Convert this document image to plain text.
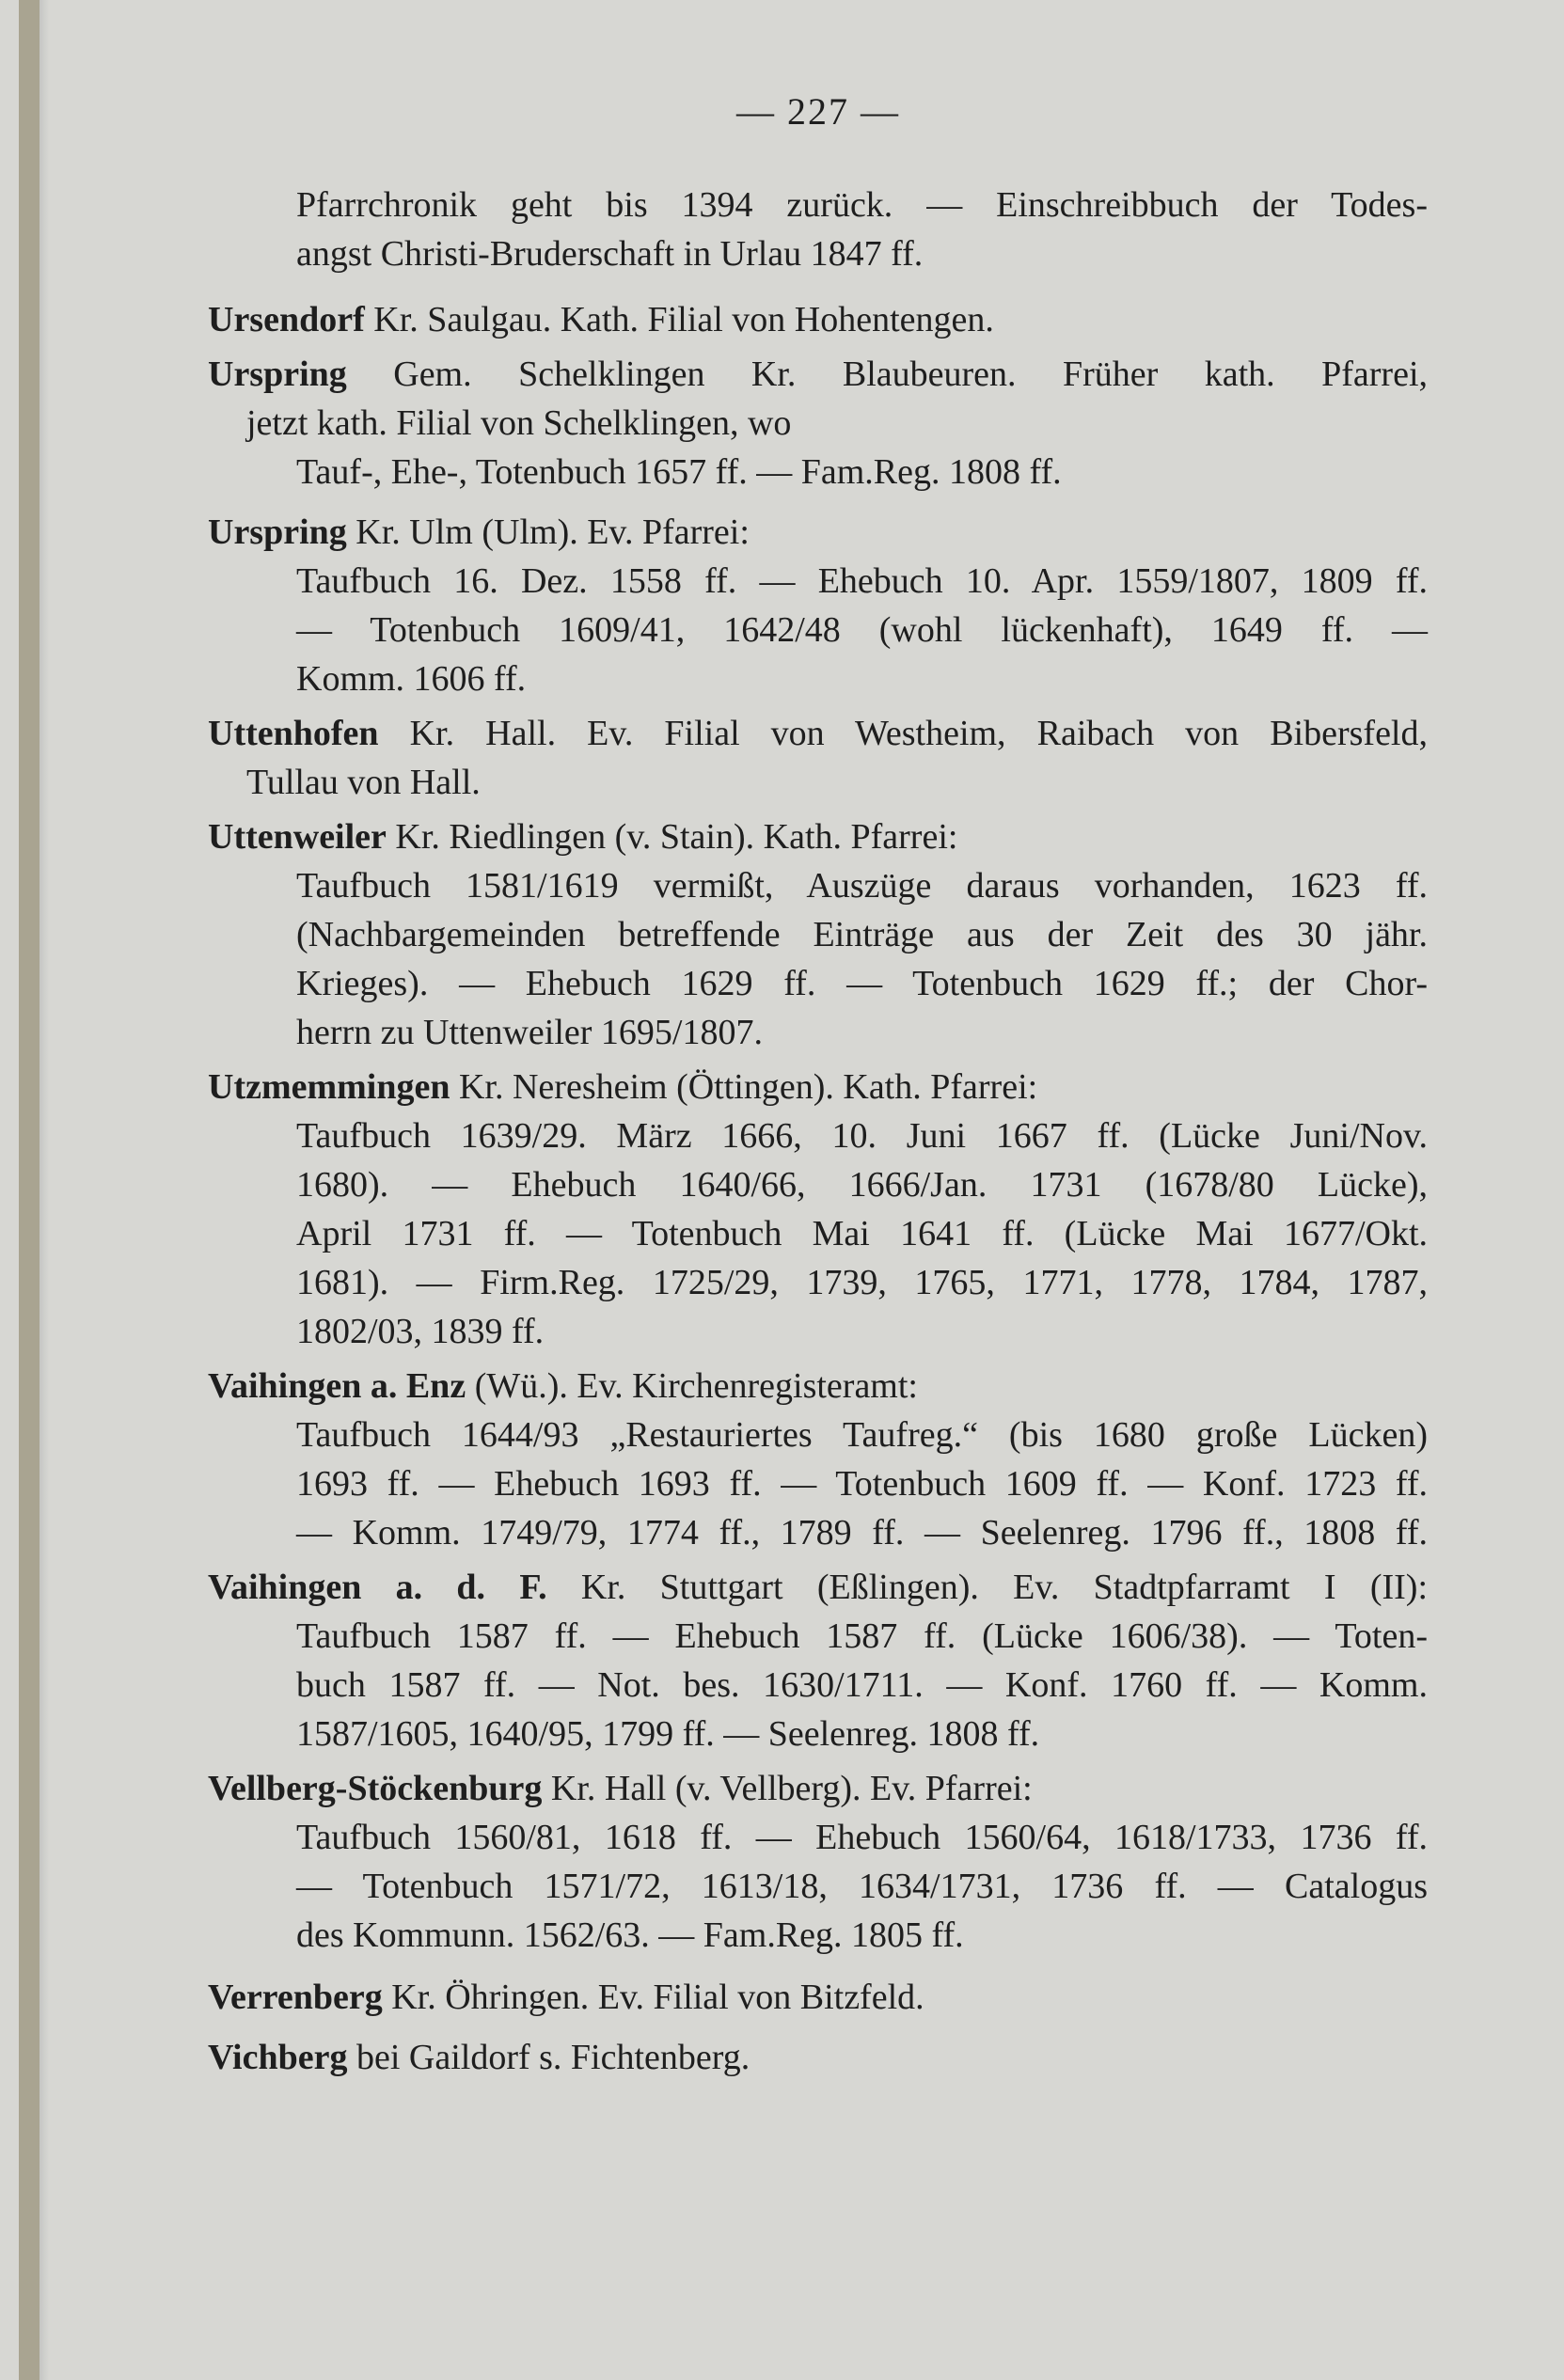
— 227 —
Pfarrchronik geht bis 1394 zurück. — Einschreibbuch der Todes-
angst Christi-Bruderschaft in Urlau 1847 ff.
Ursendorf Kr. Saulgau. Kath. Filial von Hohentengen.
Urspring Gem. Schelklingen Kr. Blaubeuren. Früher kath. Pfarrei,
jetzt kath. Filial von Schelklingen, wo
Tauf-, Ehe-, Totenbuch 1657 ff. — Fam.Reg. 1808 ff.
Urspring Kr. Ulm (Ulm). Ev. Pfarrei:
Taufbuch 16. Dez. 1558 ff. — Ehebuch 10. Apr. 1559/1807, 1809 ff.
— Totenbuch 1609/41, 1642/48 (wohl lückenhaft), 1649 ff. —
Komm. 1606 ff.
Uttenhofen Kr. Hall. Ev. Filial von Westheim, Raibach von Bibersfeld,
Tullau von Hall.
Uttenweiler Kr. Riedlingen (v. Stain). Kath. Pfarrei:
Taufbuch 1581/1619 vermißt, Auszüge daraus vorhanden, 1623 ff.
(Nachbargemeinden betreffende Einträge aus der Zeit des 30 jähr.
Krieges). — Ehebuch 1629 ff. — Totenbuch 1629 ff.; der Chor-
herrn zu Uttenweiler 1695/1807.
Utzmemmingen Kr. Neresheim (Öttingen). Kath. Pfarrei:
Taufbuch 1639/29. März 1666, 10. Juni 1667 ff. (Lücke Juni/Nov.
1680). — Ehebuch 1640/66, 1666/Jan. 1731 (1678/80 Lücke),
April 1731 ff. — Totenbuch Mai 1641 ff. (Lücke Mai 1677/Okt.
1681). — Firm.Reg. 1725/29, 1739, 1765, 1771, 1778, 1784, 1787,
1802/03, 1839 ff.
Vaihingen a. Enz (Wü.). Ev. Kirchenregisteramt:
Taufbuch 1644/93 „Restauriertes Taufreg.“ (bis 1680 große Lücken)
1693 ff. — Ehebuch 1693 ff. — Totenbuch 1609 ff. — Konf. 1723 ff.
— Komm. 1749/79, 1774 ff., 1789 ff. — Seelenreg. 1796 ff., 1808 ff.
Vaihingen a. d. F. Kr. Stuttgart (Eßlingen). Ev. Stadtpfarramt I (II):
Taufbuch 1587 ff. — Ehebuch 1587 ff. (Lücke 1606/38). — Toten-
buch 1587 ff. — Not. bes. 1630/1711. — Konf. 1760 ff. — Komm.
1587/1605, 1640/95, 1799 ff. — Seelenreg. 1808 ff.
Vellberg-Stöckenburg Kr. Hall (v. Vellberg). Ev. Pfarrei:
Taufbuch 1560/81, 1618 ff. — Ehebuch 1560/64, 1618/1733, 1736 ff.
— Totenbuch 1571/72, 1613/18, 1634/1731, 1736 ff. — Catalogus
des Kommunn. 1562/63. — Fam.Reg. 1805 ff.
Verrenberg Kr. Öhringen. Ev. Filial von Bitzfeld.
Vichberg bei Gaildorf s. Fichtenberg.
